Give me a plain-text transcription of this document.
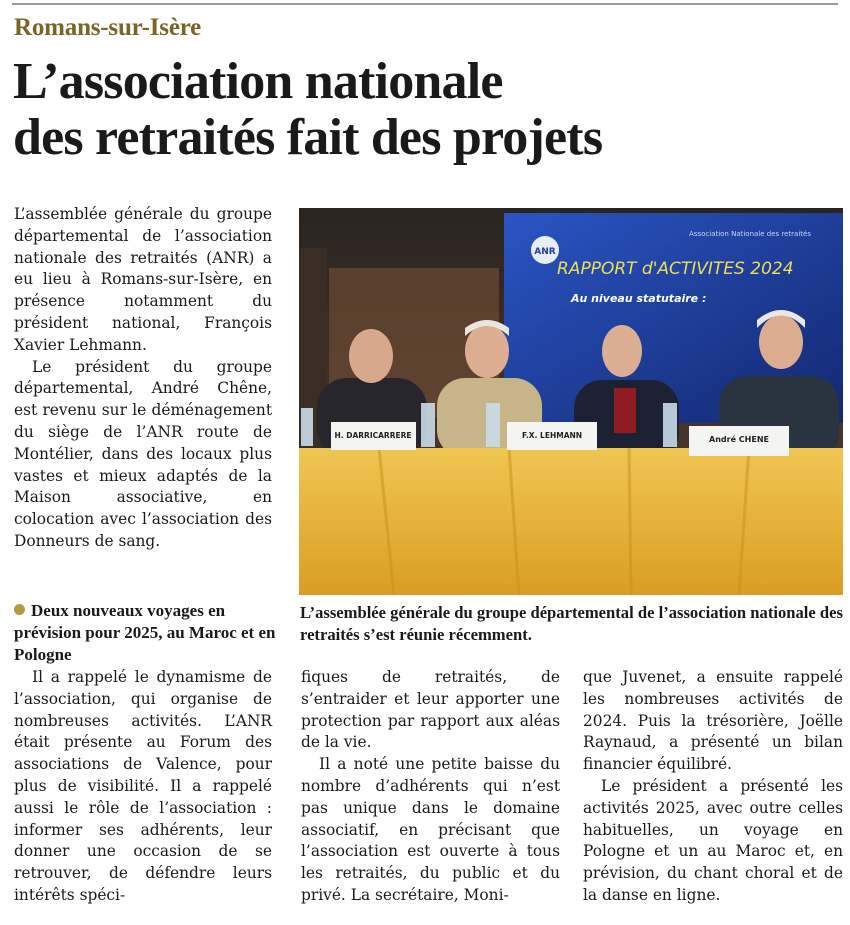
Romans-sur-Isère
L’association nationale
des retraités fait des projets

L’assemblée générale du groupe départemental de l’association nationale des retraités (ANR) a eu lieu à Romans-sur-Isère, en présence notamment du président national, François Xavier Lehmann.

Le président du groupe départemental, André Chêne, est revenu sur le déménagement du siège de l’ANR route de Montélier, dans des locaux plus vastes et mieux adaptés de la Maison associative, en colocation avec l’association des Donneurs de sang.

ANR
Association Nationale des retraités
RAPPORT d'ACTIVITES 2024
Au niveau statutaire :
H. DARRICARRERE	F.X. LEHMANN	André CHENE
L’assemblée générale du groupe départemental de l’association nationale des retraités s’est réunie récemment.
Deux nouveaux voyages en prévision pour 2025, au Maroc et en Pologne

Il a rappelé le dynamisme de l’association, qui organise de nombreuses activités. L’ANR était présente au Forum des associations de Valence, pour plus de visibilité. Il a rappelé aussi le rôle de l’association : informer ses adhérents, leur donner une occasion de se retrouver, de défendre leurs intérêts spéci-

fiques de retraités, de s’entraider et leur apporter une protection par rapport aux aléas de la vie.

Il a noté une petite baisse du nombre d’adhérents qui n’est pas unique dans le domaine associatif, en précisant que l’association est ouverte à tous les retraités, du public et du privé. La secrétaire, Moni-

que Juvenet, a ensuite rappelé les nombreuses activités de 2024. Puis la trésorière, Joëlle Raynaud, a présenté un bilan financier équilibré.

Le président a présenté les activités 2025, avec outre celles habituelles, un voyage en Pologne et un au Maroc et, en prévision, du chant choral et de la danse en ligne.
